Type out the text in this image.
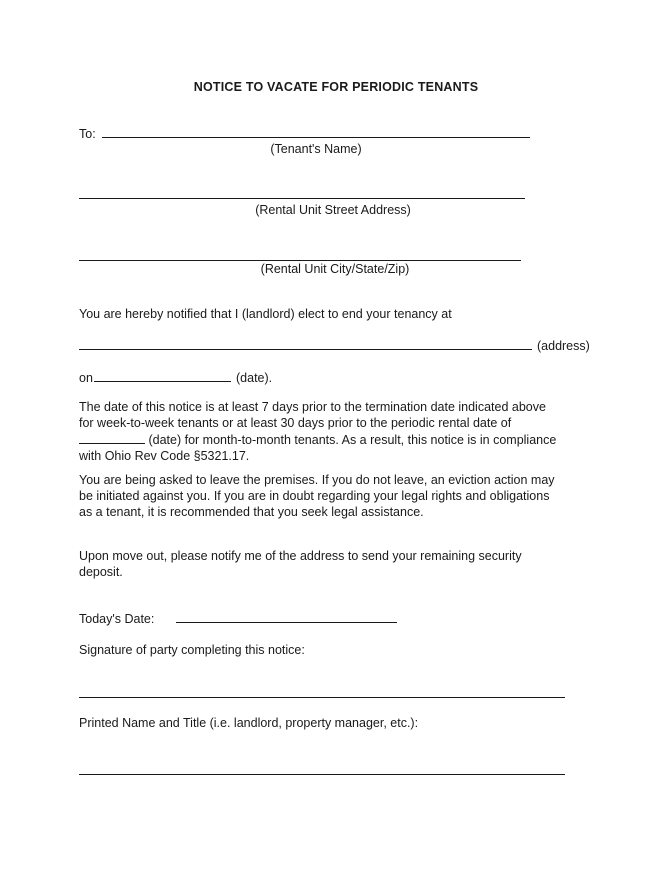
NOTICE TO VACATE FOR PERIODIC TENANTS
To:
(Tenant's Name)
(Rental Unit Street Address)
(Rental Unit City/State/Zip)
You are hereby notified that I (landlord) elect to end your tenancy at
(address)
on	(date).
The date of this notice is at least 7 days prior to the termination date indicated above
for week-to-week tenants or at least 30 days prior to the periodic rental date of
(date) for month-to-month tenants. As a result, this notice is in compliance
with Ohio Rev Code §5321.17.
You are being asked to leave the premises. If you do not leave, an eviction action may
be initiated against you. If you are in doubt regarding your legal rights and obligations
as a tenant, it is recommended that you seek legal assistance.
Upon move out, please notify me of the address to send your remaining security
deposit.
Today's Date:
Signature of party completing this notice:
Printed Name and Title (i.e. landlord, property manager, etc.):
